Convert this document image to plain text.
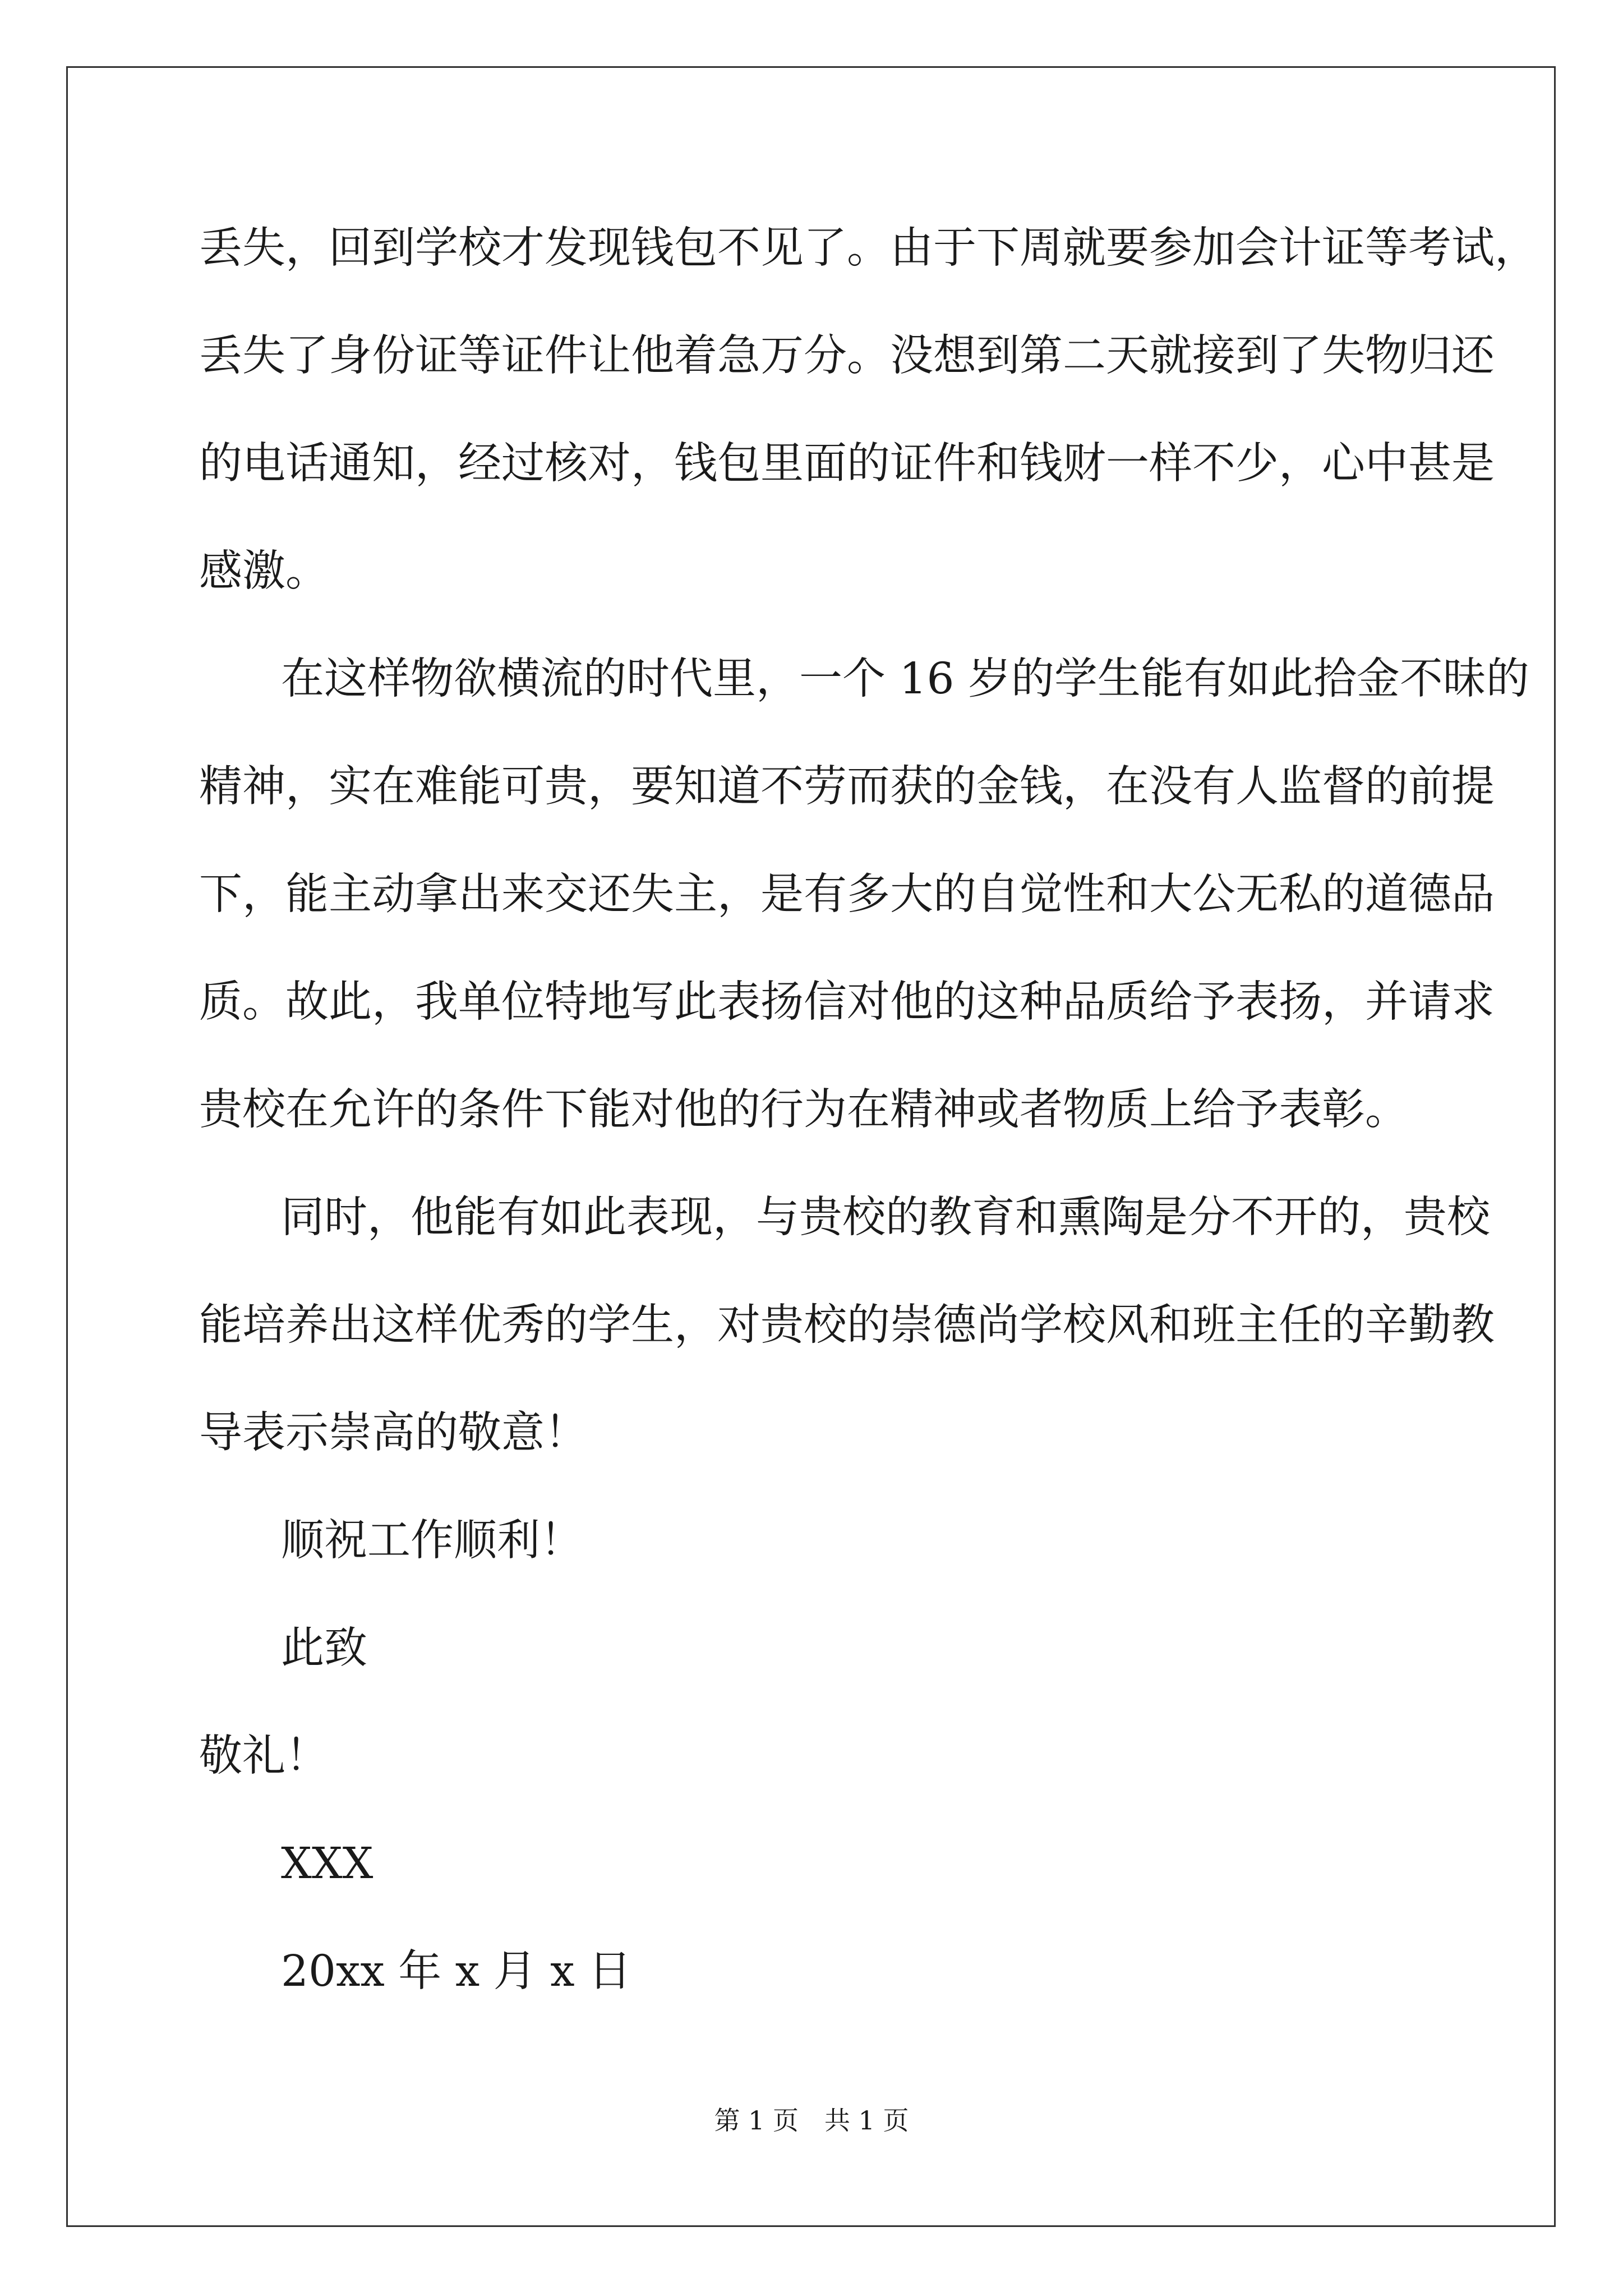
丢失，回到学校才发现钱包不见了。由于下周就要参加会计证等考试，
丢失了身份证等证件让他着急万分。没想到第二天就接到了失物归还
的电话通知，经过核对，钱包里面的证件和钱财一样不少，心中甚是
感激。
在这样物欲横流的时代里，一个 16 岁的学生能有如此拾金不昧的
精神，实在难能可贵，要知道不劳而获的金钱，在没有人监督的前提
下，能主动拿出来交还失主，是有多大的自觉性和大公无私的道德品
质。故此，我单位特地写此表扬信对他的这种品质给予表扬，并请求
贵校在允许的条件下能对他的行为在精神或者物质上给予表彰。
同时，他能有如此表现，与贵校的教育和熏陶是分不开的，贵校
能培养出这样优秀的学生，对贵校的崇德尚学校风和班主任的辛勤教
导表示崇高的敬意！
顺祝工作顺利！
此致
敬礼！
XXX
20xx 年 x 月 x 日
第 1 页　共 1 页
